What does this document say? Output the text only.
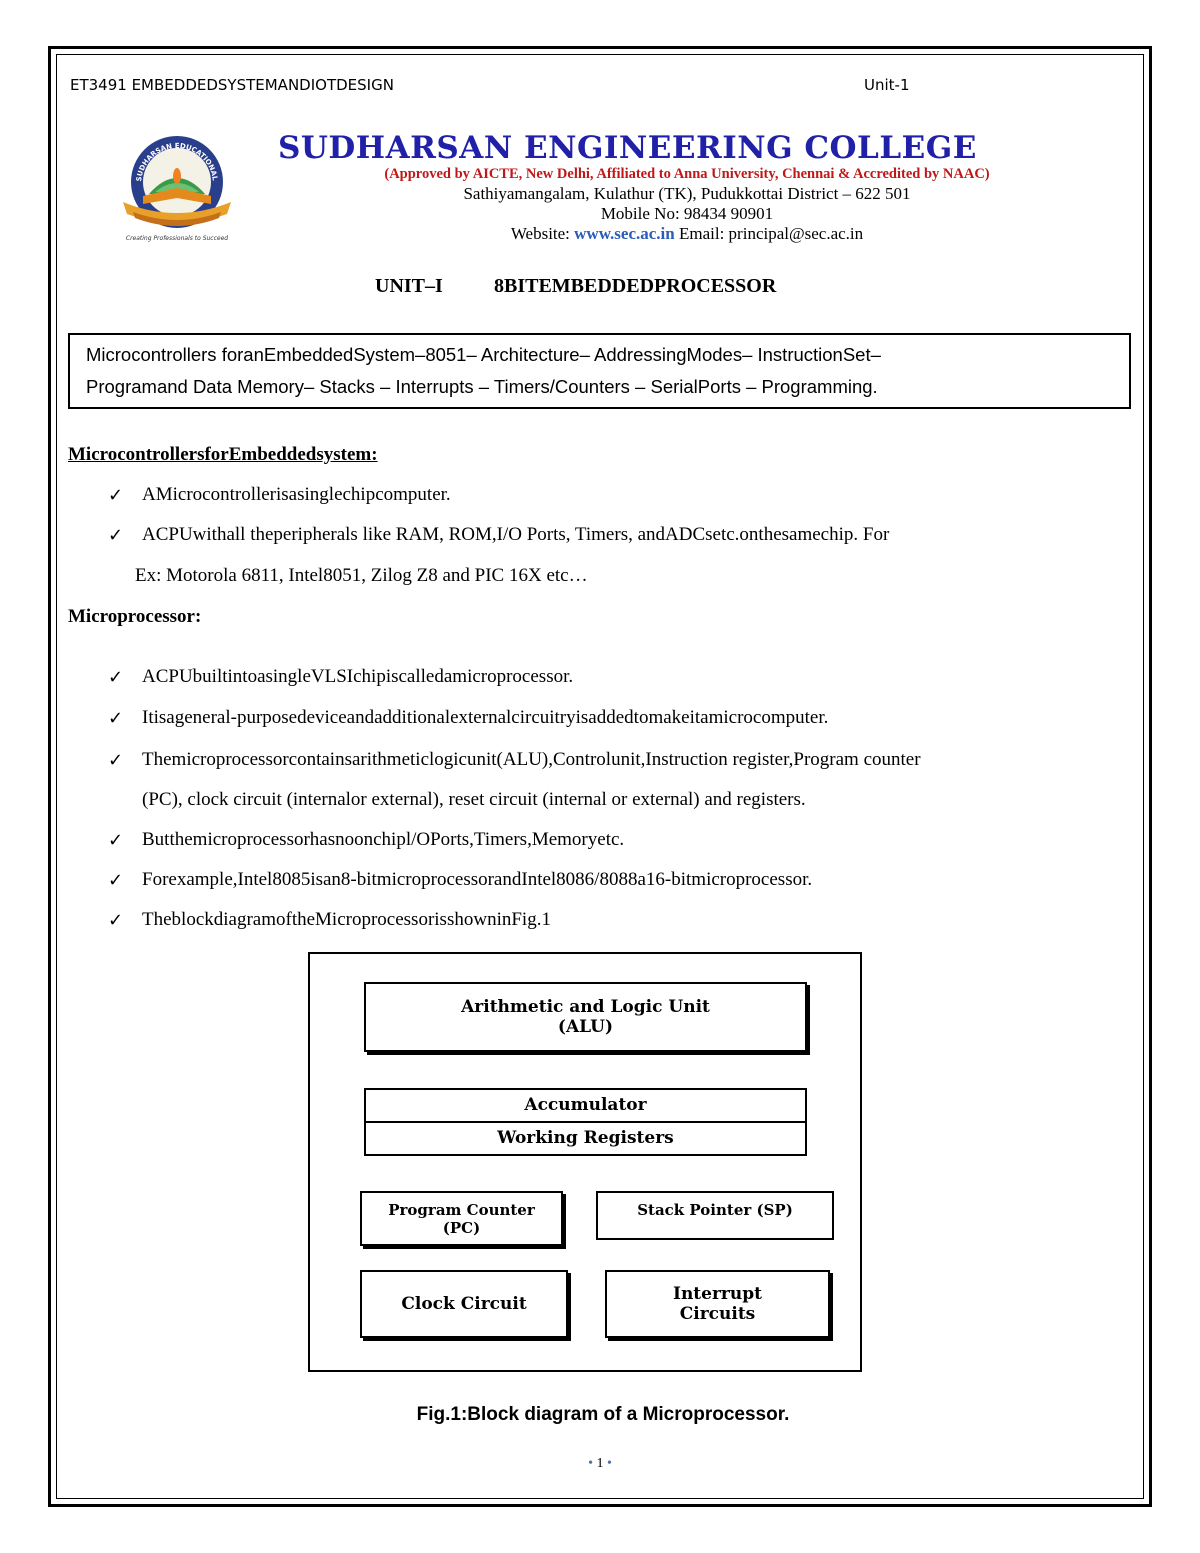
ET3491 EMBEDDEDSYSTEMANDIOTDESIGN	Unit-1
SUDHARSAN EDUCATIONAL
Creating Professionals to Succeed
SUDHARSAN ENGINEERING COLLEGE
(Approved by AICTE, New Delhi, Affiliated to Anna University, Chennai & Accredited by NAAC)
Sathiyamangalam, Kulathur (TK), Pudukkottai District – 622 501
Mobile No: 98434 90901
Website: www.sec.ac.in Email: principal@sec.ac.in
UNIT–I	8BITEMBEDDEDPROCESSOR
Microcontrollers foranEmbeddedSystem–8051– Architecture– AddressingModes– InstructionSet–
Programand Data Memory– Stacks – Interrupts – Timers/Counters – SerialPorts – Programming.
MicrocontrollersforEmbeddedsystem:
✓ AMicrocontrollerisasinglechipcomputer.
✓ ACPUwithall theperipherals like RAM, ROM,I/O Ports, Timers, andADCsetc.onthesamechip. For
Ex: Motorola 6811, Intel8051, Zilog Z8 and PIC 16X etc…
Microprocessor:
✓ ACPUbuiltintoasingleVLSIchipiscalledamicroprocessor.
✓ Itisageneral-purposedeviceandadditionalexternalcircuitryisaddedtomakeitamicrocomputer.
✓ Themicroprocessorcontainsarithmeticlogicunit(ALU),Controlunit,Instruction register,Program counter
(PC), clock circuit (internalor external), reset circuit (internal or external) and registers.
✓ Butthemicroprocessorhasnoonchipl/OPorts,Timers,Memoryetc.
✓ Forexample,Intel8085isan8-bitmicroprocessorandIntel8086/8088a16-bitmicroprocessor.
✓ TheblockdiagramoftheMicroprocessorisshowninFig.1
Arithmetic and Logic Unit
(ALU)
Accumulator
Working Registers
Program Counter
(PC)
Stack Pointer (SP)
Clock Circuit
Interrupt
Circuits
Fig.1:Block diagram of a Microprocessor.
• 1 •
